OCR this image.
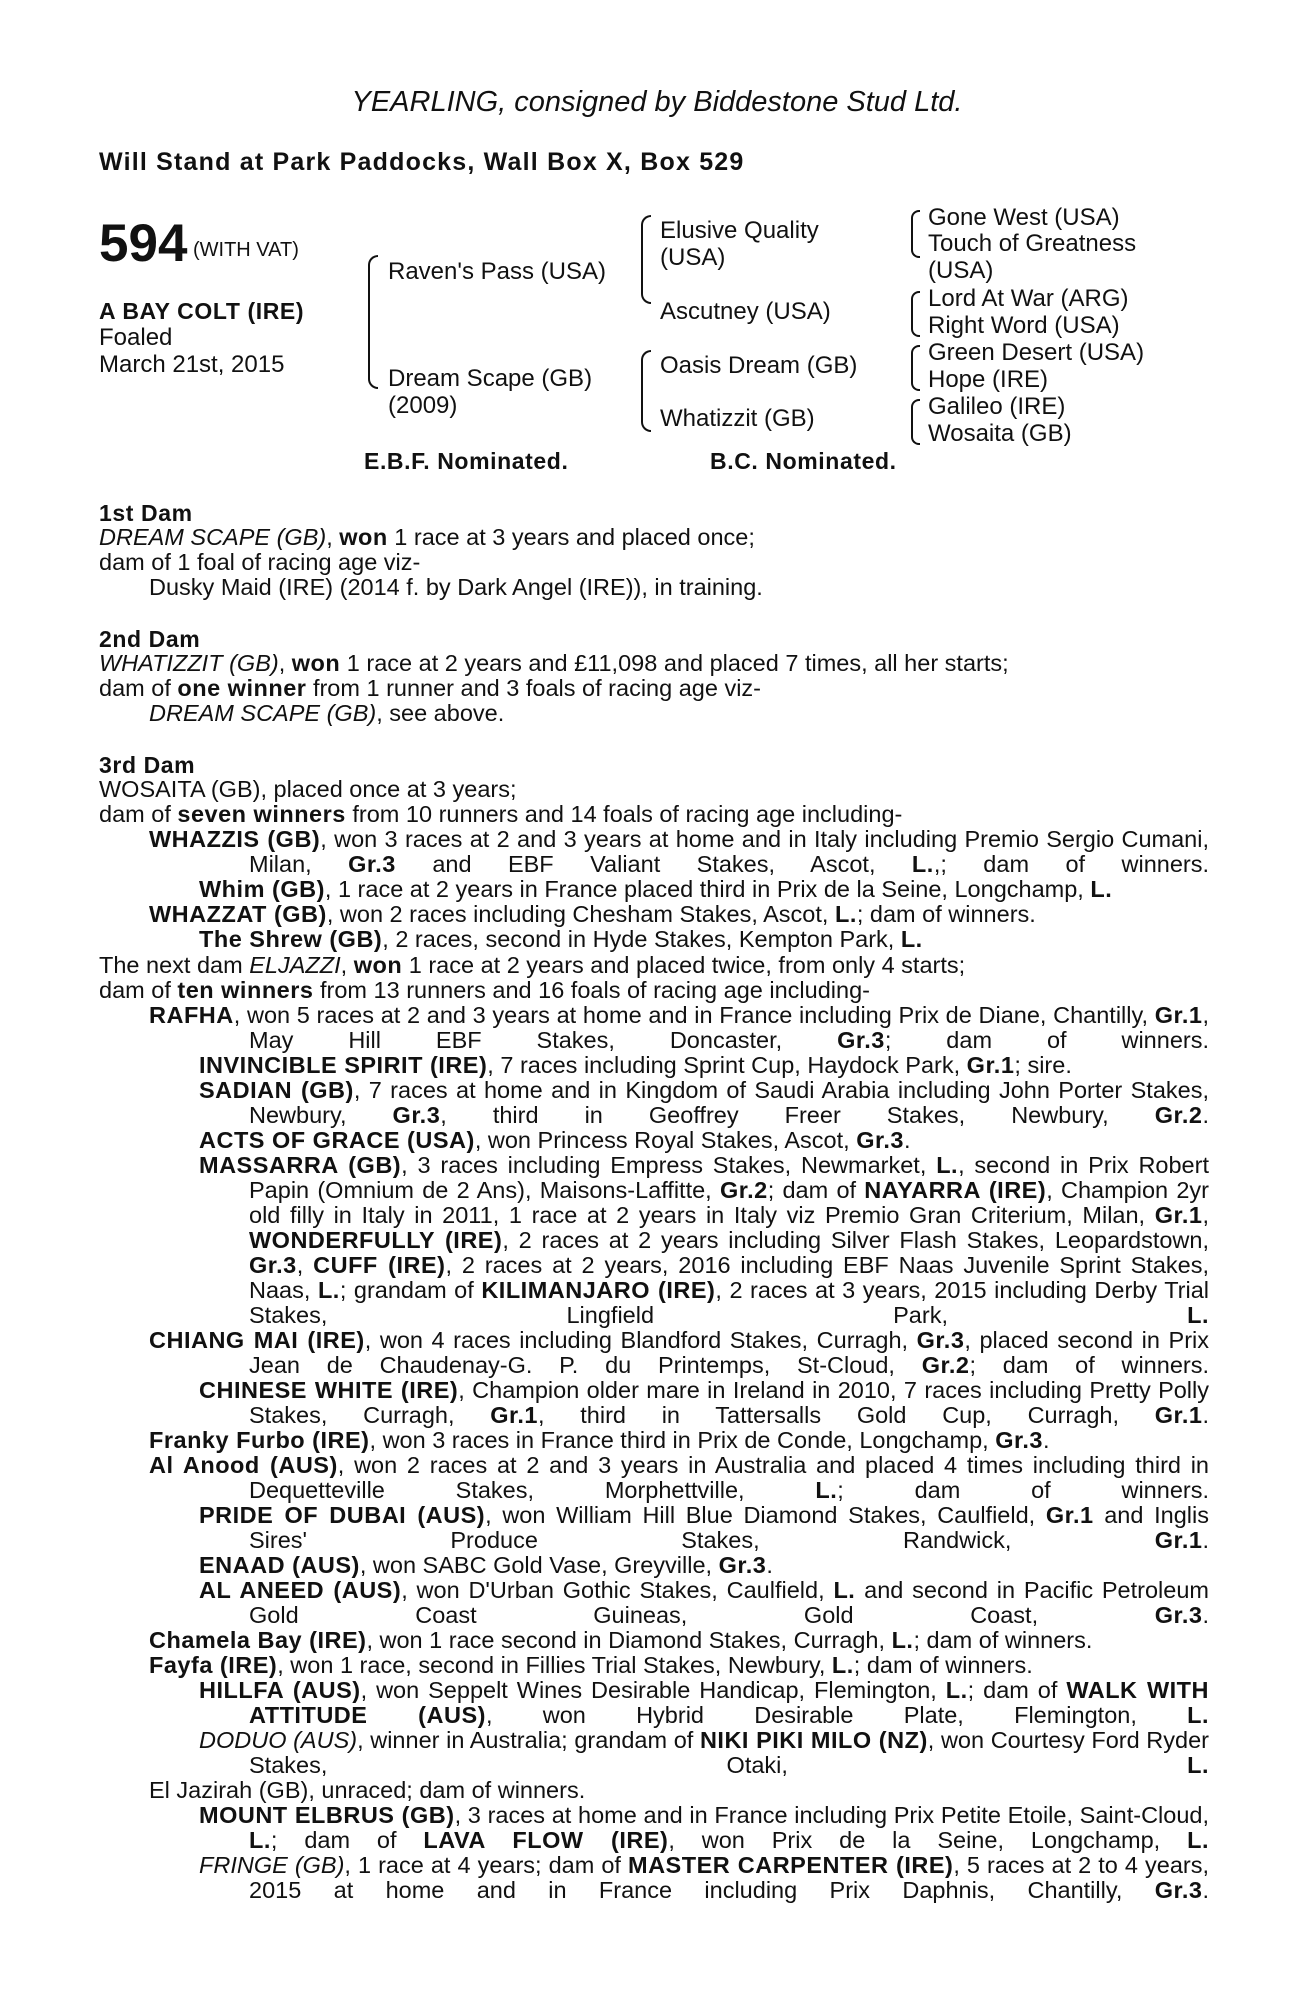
YEARLING, consigned by Biddestone Stud Ltd.
Will Stand at Park Paddocks, Wall Box X, Box 529
594 (WITH VAT)
A BAY COLT (IRE)
Foaled
March 21st, 2015
Raven's Pass (USA)
Dream Scape (GB)
(2009)
Elusive Quality
(USA)
Ascutney (USA)
Oasis Dream (GB)
Whatizzit (GB)
Gone West (USA)
Touch of Greatness
(USA)
Lord At War (ARG)
Right Word (USA)
Green Desert (USA)
Hope (IRE)
Galileo (IRE)
Wosaita (GB)
E.B.F. Nominated.	B.C. Nominated.
1st Dam
DREAM SCAPE (GB), won 1 race at 3 years and placed once;
dam of 1 foal of racing age viz-
Dusky Maid (IRE) (2014 f. by Dark Angel (IRE)), in training.
2nd Dam
WHATIZZIT (GB), won 1 race at 2 years and £11,098 and placed 7 times, all her starts;
dam of one winner from 1 runner and 3 foals of racing age viz-
DREAM SCAPE (GB), see above.
3rd Dam
WOSAITA (GB), placed once at 3 years;
dam of seven winners from 10 runners and 14 foals of racing age including-
WHAZZIS (GB), won 3 races at 2 and 3 years at home and in Italy including Premio Sergio Cumani, Milan, Gr.3 and EBF Valiant Stakes, Ascot, L.,; dam of winners.
Whim (GB), 1 race at 2 years in France placed third in Prix de la Seine, Longchamp, L.
WHAZZAT (GB), won 2 races including Chesham Stakes, Ascot, L.; dam of winners.
The Shrew (GB), 2 races, second in Hyde Stakes, Kempton Park, L.
The next dam ELJAZZI, won 1 race at 2 years and placed twice, from only 4 starts;
dam of ten winners from 13 runners and 16 foals of racing age including-
RAFHA, won 5 races at 2 and 3 years at home and in France including Prix de Diane, Chantilly, Gr.1, May Hill EBF Stakes, Doncaster, Gr.3; dam of winners.
INVINCIBLE SPIRIT (IRE), 7 races including Sprint Cup, Haydock Park, Gr.1; sire.
SADIAN (GB), 7 races at home and in Kingdom of Saudi Arabia including John Porter Stakes, Newbury, Gr.3, third in Geoffrey Freer Stakes, Newbury, Gr.2.
ACTS OF GRACE (USA), won Princess Royal Stakes, Ascot, Gr.3.
MASSARRA (GB), 3 races including Empress Stakes, Newmarket, L., second in Prix Robert Papin (Omnium de 2 Ans), Maisons-Laffitte, Gr.2; dam of NAYARRA (IRE), Champion 2yr old filly in Italy in 2011, 1 race at 2 years in Italy viz Premio Gran Criterium, Milan, Gr.1, WONDERFULLY (IRE), 2 races at 2 years including Silver Flash Stakes, Leopardstown, Gr.3, CUFF (IRE), 2 races at 2 years, 2016 including EBF Naas Juvenile Sprint Stakes, Naas, L.; grandam of KILIMANJARO (IRE), 2 races at 3 years, 2015 including Derby Trial Stakes, Lingfield Park, L.
CHIANG MAI (IRE), won 4 races including Blandford Stakes, Curragh, Gr.3, placed second in Prix Jean de Chaudenay-G. P. du Printemps, St-Cloud, Gr.2; dam of winners.
CHINESE WHITE (IRE), Champion older mare in Ireland in 2010, 7 races including Pretty Polly Stakes, Curragh, Gr.1, third in Tattersalls Gold Cup, Curragh, Gr.1.
Franky Furbo (IRE), won 3 races in France third in Prix de Conde, Longchamp, Gr.3.
Al Anood (AUS), won 2 races at 2 and 3 years in Australia and placed 4 times including third in Dequetteville Stakes, Morphettville, L.; dam of winners.
PRIDE OF DUBAI (AUS), won William Hill Blue Diamond Stakes, Caulfield, Gr.1 and Inglis Sires' Produce Stakes, Randwick, Gr.1.
ENAAD (AUS), won SABC Gold Vase, Greyville, Gr.3.
AL ANEED (AUS), won D'Urban Gothic Stakes, Caulfield, L. and second in Pacific Petroleum Gold Coast Guineas, Gold Coast, Gr.3.
Chamela Bay (IRE), won 1 race second in Diamond Stakes, Curragh, L.; dam of winners.
Fayfa (IRE), won 1 race, second in Fillies Trial Stakes, Newbury, L.; dam of winners.
HILLFA (AUS), won Seppelt Wines Desirable Handicap, Flemington, L.; dam of WALK WITH ATTITUDE (AUS), won Hybrid Desirable Plate, Flemington, L.
DODUO (AUS), winner in Australia; grandam of NIKI PIKI MILO (NZ), won Courtesy Ford Ryder Stakes, Otaki, L.
El Jazirah (GB), unraced; dam of winners.
MOUNT ELBRUS (GB), 3 races at home and in France including Prix Petite Etoile, Saint-Cloud, L.; dam of LAVA FLOW (IRE), won Prix de la Seine, Longchamp, L.
FRINGE (GB), 1 race at 4 years; dam of MASTER CARPENTER (IRE), 5 races at 2 to 4 years, 2015 at home and in France including Prix Daphnis, Chantilly, Gr.3.
